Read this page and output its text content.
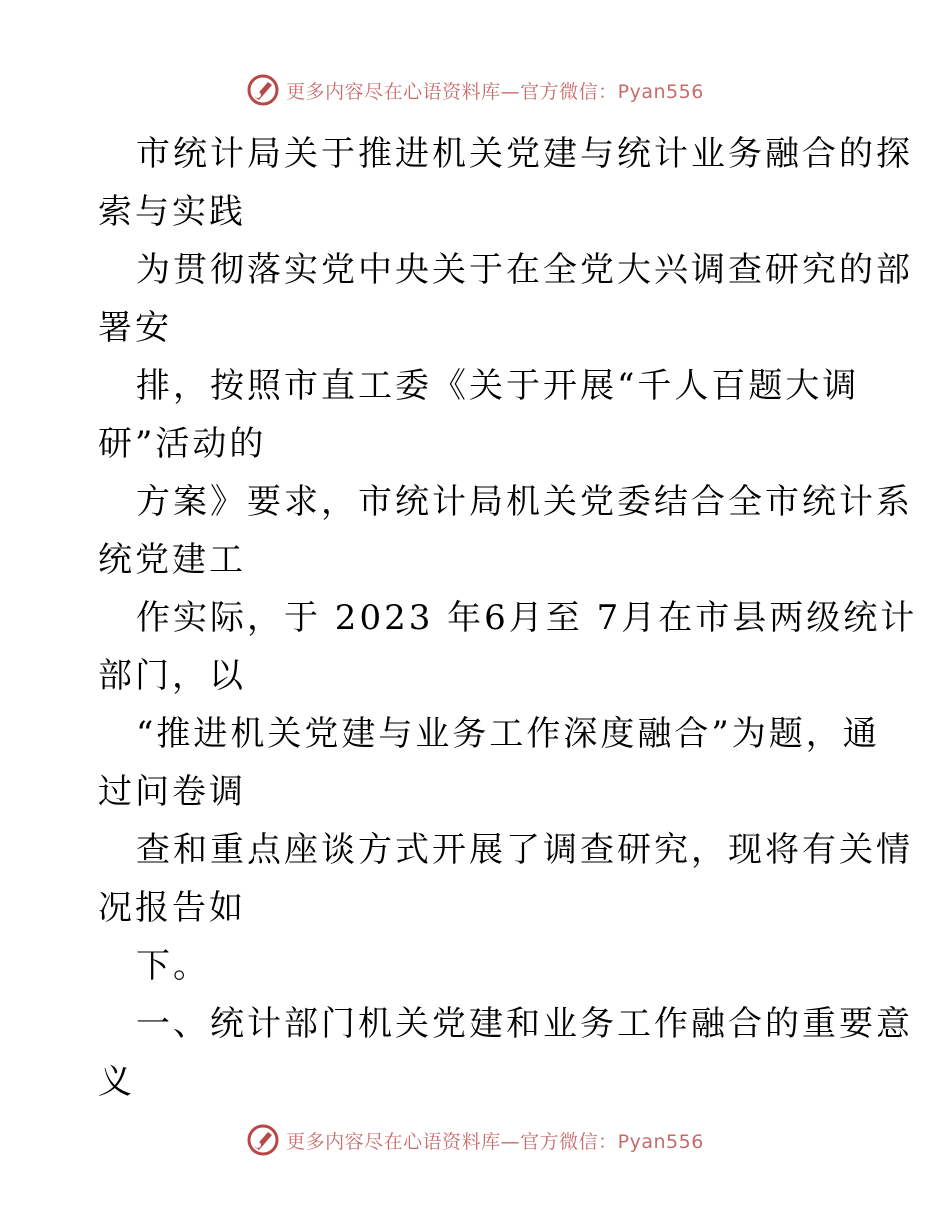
更多内容尽在心语资料库—官方微信：Pyan556
市统计局关于推进机关党建与统计业务融合的探
索与实践
为贯彻落实党中央关于在全党大兴调查研究的部
署安
排，按照市直工委《关于开展“千人百题大调
研”活动的
方案》要求，市统计局机关党委结合全市统计系
统党建工
作实际，于 2023 年6月至 7月在市县两级统计
部门，以
“推进机关党建与业务工作深度融合”为题，通
过问卷调
查和重点座谈方式开展了调查研究，现将有关情
况报告如
下。
一、统计部门机关党建和业务工作融合的重要意
义
更多内容尽在心语资料库—官方微信：Pyan556
